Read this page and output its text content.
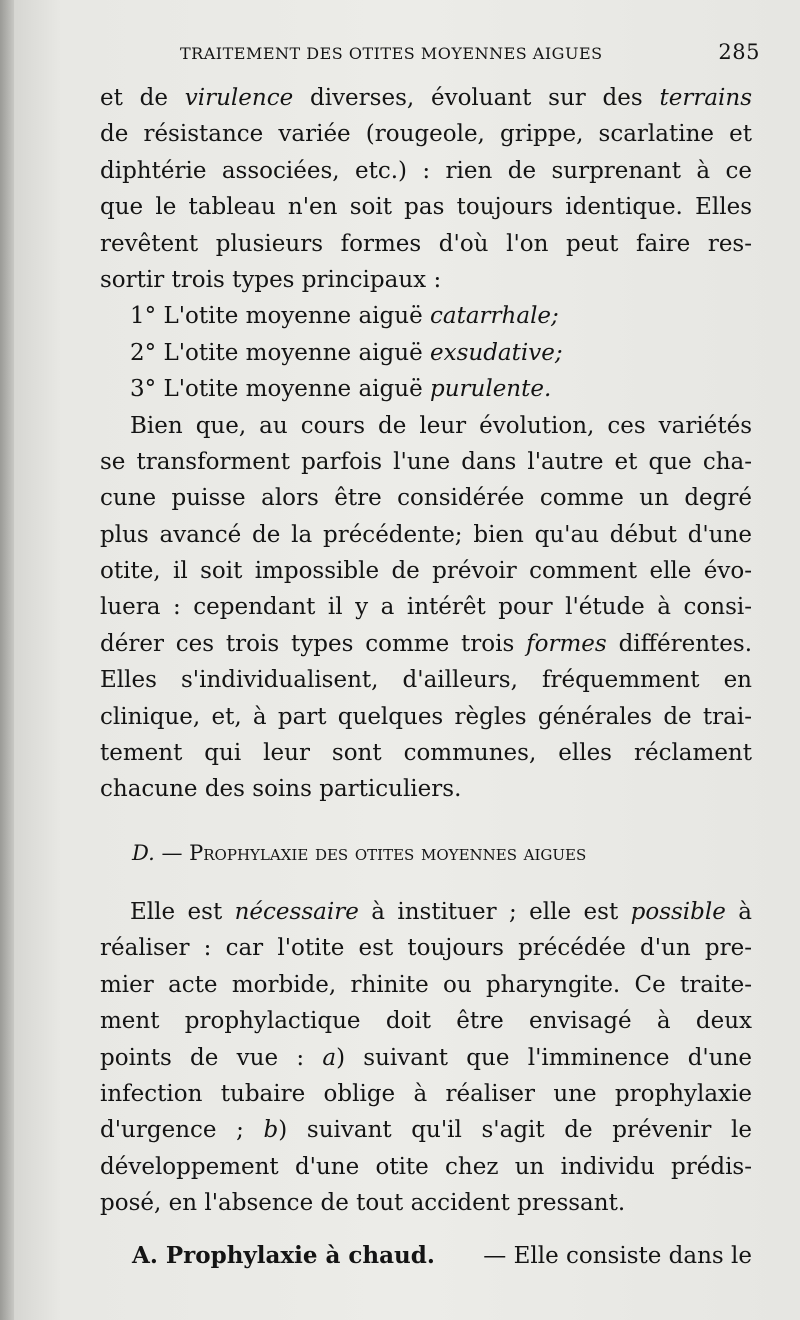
TRAITEMENT DES OTITES MOYENNES AIGUES	285
et de virulence diverses, évoluant sur des terrains
de résistance variée (rougeole, grippe, scarlatine et
diphtérie associées, etc.) : rien de surprenant à ce
que le tableau n'en soit pas toujours identique. Elles
revêtent plusieurs formes d'où l'on peut faire res-
sortir trois types principaux :
1° L'otite moyenne aiguë catarrhale;
2° L'otite moyenne aiguë exsudative;
3° L'otite moyenne aiguë purulente.
Bien que, au cours de leur évolution, ces variétés
se transforment parfois l'une dans l'autre et que cha-
cune puisse alors être considérée comme un degré
plus avancé de la précédente; bien qu'au début d'une
otite, il soit impossible de prévoir comment elle évo-
luera : cependant il y a intérêt pour l'étude à consi-
dérer ces trois types comme trois formes différentes.
Elles s'individualisent, d'ailleurs, fréquemment en
clinique, et, à part quelques règles générales de trai-
tement qui leur sont communes, elles réclament
chacune des soins particuliers.
D. — Prophylaxie des otites moyennes aigues
Elle est nécessaire à instituer ; elle est possible à
réaliser : car l'otite est toujours précédée d'un pre-
mier acte morbide, rhinite ou pharyngite. Ce traite-
ment prophylactique doit être envisagé à deux
points de vue : a) suivant que l'imminence d'une
infection tubaire oblige à réaliser une prophylaxie
d'urgence ; b) suivant qu'il s'agit de prévenir le
développement d'une otite chez un individu prédis-
posé, en l'absence de tout accident pressant.
A. Prophylaxie à chaud. — Elle consiste dans le
